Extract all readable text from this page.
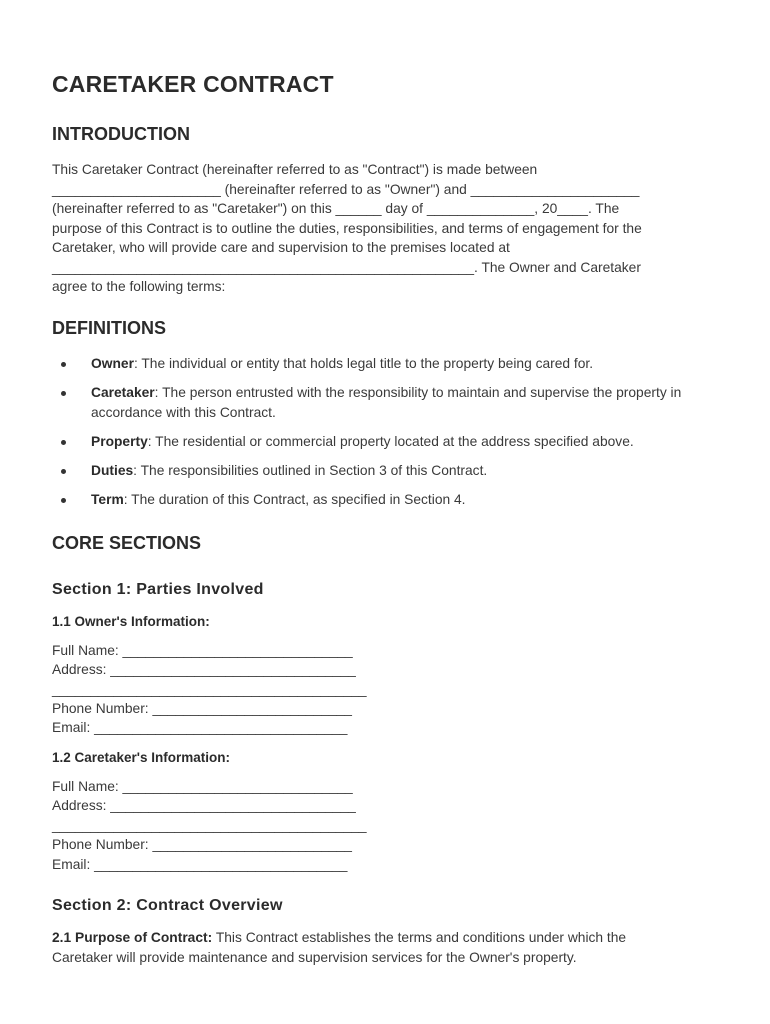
CARETAKER CONTRACT
INTRODUCTION
This Caretaker Contract (hereinafter referred to as "Contract") is made between
______________________ (hereinafter referred to as "Owner") and ______________________
(hereinafter referred to as "Caretaker") on this ______ day of ______________, 20____. The
purpose of this Contract is to outline the duties, responsibilities, and terms of engagement for the
Caretaker, who will provide care and supervision to the premises located at
_______________________________________________________. The Owner and Caretaker
agree to the following terms:
DEFINITIONS
Owner: The individual or entity that holds legal title to the property being cared for.
Caretaker: The person entrusted with the responsibility to maintain and supervise the property in accordance with this Contract.
Property: The residential or commercial property located at the address specified above.
Duties: The responsibilities outlined in Section 3 of this Contract.
Term: The duration of this Contract, as specified in Section 4.
CORE SECTIONS
Section 1: Parties Involved
1.1 Owner's Information:

Full Name: ______________________________

Address: ________________________________

_________________________________________

Phone Number: __________________________

Email: _________________________________

1.2 Caretaker's Information:

Full Name: ______________________________

Address: ________________________________

_________________________________________

Phone Number: __________________________

Email: _________________________________

Section 2: Contract Overview
2.1 Purpose of Contract: This Contract establishes the terms and conditions under which the
Caretaker will provide maintenance and supervision services for the Owner's property.
